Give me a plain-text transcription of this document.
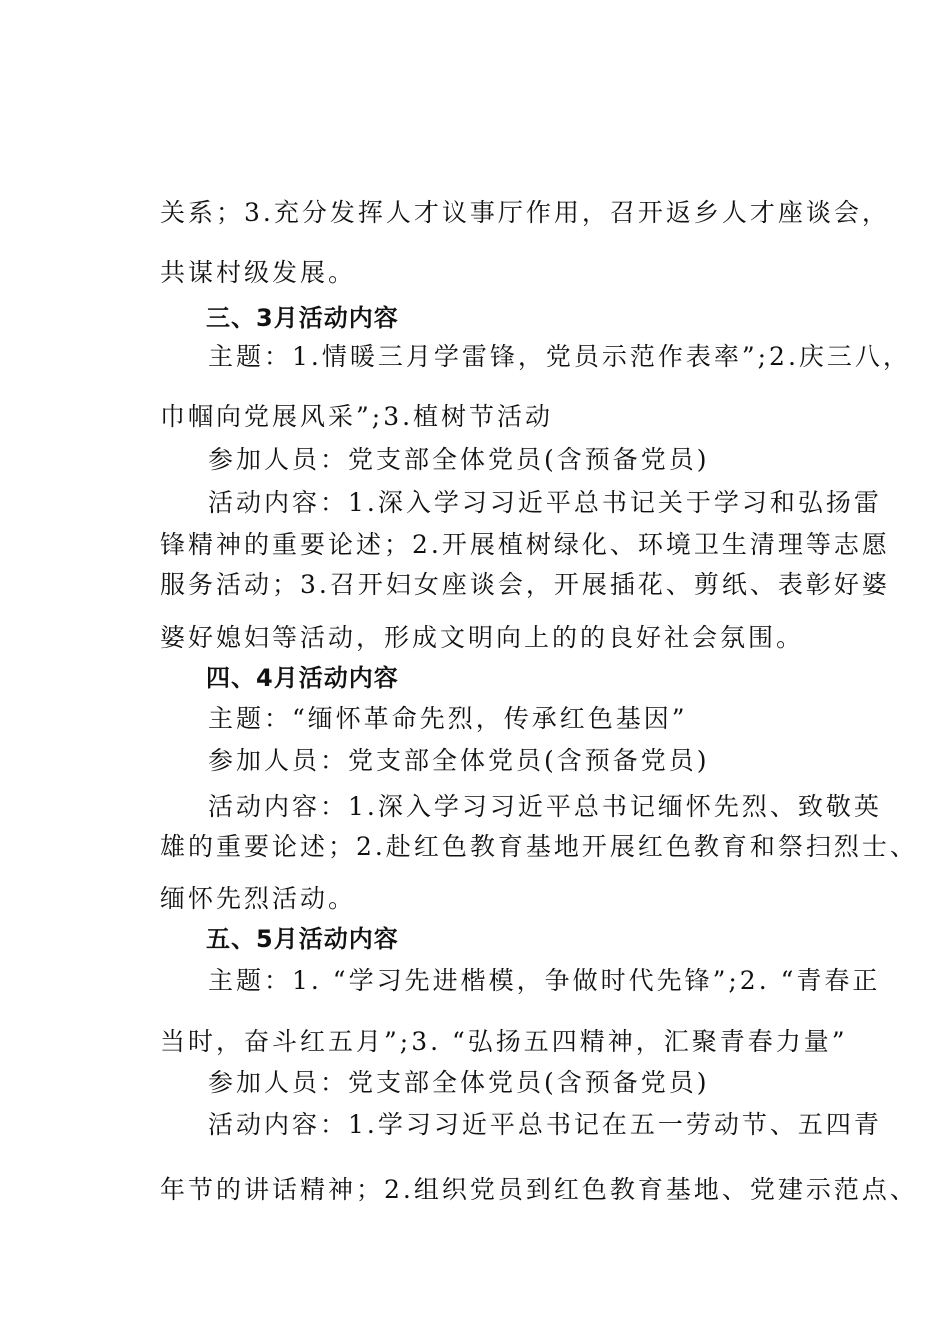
关系；3.充分发挥人才议事厅作用，召开返乡人才座谈会，
共谋村级发展。
三、3月活动内容
主题：1.情暖三月学雷锋，党员示范作表率”;2.庆三八，
巾帼向党展风采”;3.植树节活动
参加人员：党支部全体党员(含预备党员)
活动内容：1.深入学习习近平总书记关于学习和弘扬雷
锋精神的重要论述；2.开展植树绿化、环境卫生清理等志愿
服务活动；3.召开妇女座谈会，开展插花、剪纸、表彰好婆
婆好媳妇等活动，形成文明向上的的良好社会氛围。
四、4月活动内容
主题：“缅怀革命先烈，传承红色基因”
参加人员：党支部全体党员(含预备党员)
活动内容：1.深入学习习近平总书记缅怀先烈、致敬英
雄的重要论述；2.赴红色教育基地开展红色教育和祭扫烈士、
缅怀先烈活动。
五、5月活动内容
主题：1. “学习先进楷模，争做时代先锋”;2. “青春正
当时，奋斗红五月”;3. “弘扬五四精神，汇聚青春力量”
参加人员：党支部全体党员(含预备党员)
活动内容：1.学习习近平总书记在五一劳动节、五四青
年节的讲话精神；2.组织党员到红色教育基地、党建示范点、
